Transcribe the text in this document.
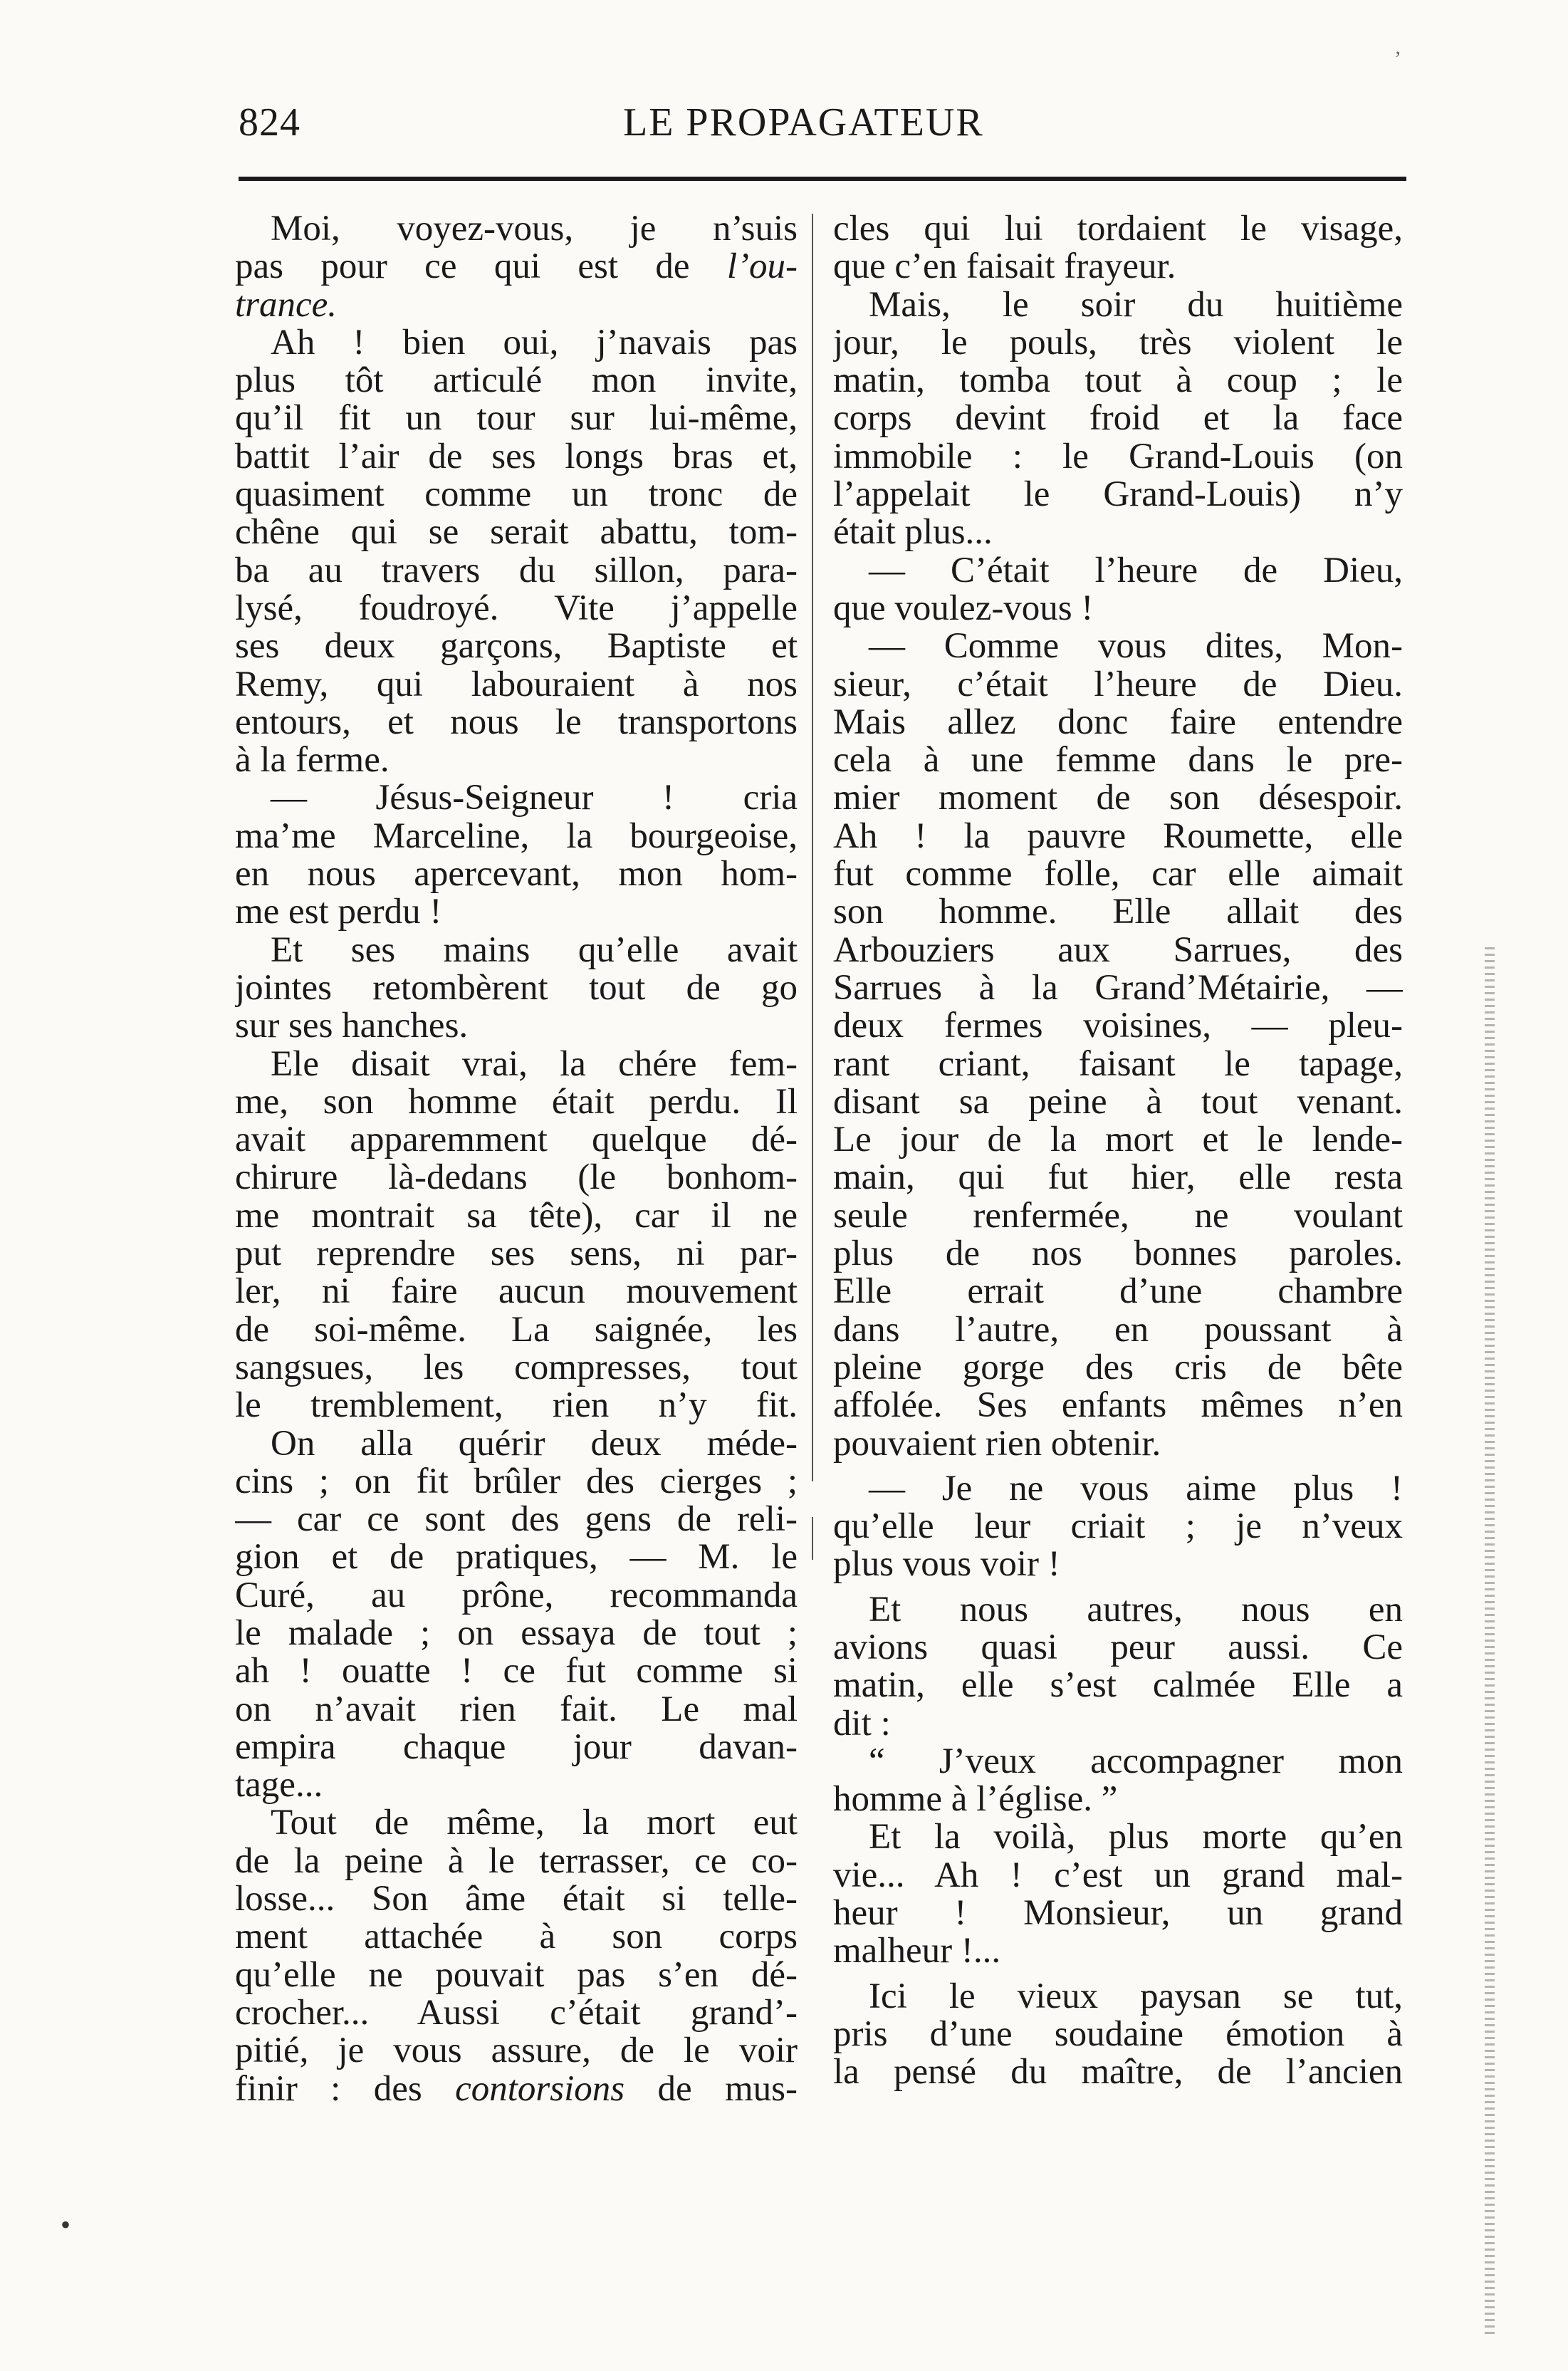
’
824	LE PROPAGATEUR
Moi, voyez-vous, je n’suis
pas pour ce qui est de l’ou-
trance.
Ah ! bien oui, j’navais pas
plus tôt articulé mon invite,
qu’il fit un tour sur lui-même,
battit l’air de ses longs bras et,
quasiment comme un tronc de
chêne qui se serait abattu, tom-
ba au travers du sillon, para-
lysé, foudroyé. Vite j’appelle
ses deux garçons, Baptiste et
Remy, qui labouraient à nos
entours, et nous le transportons
à la ferme.
— Jésus-Seigneur ! cria
ma’me Marceline, la bourgeoise,
en nous apercevant, mon hom-
me est perdu !
Et ses mains qu’elle avait
jointes retombèrent tout de go
sur ses hanches.
Ele disait vrai, la chére fem-
me, son homme était perdu. Il
avait apparemment quelque dé-
chirure là-dedans (le bonhom-
me montrait sa tête), car il ne
put reprendre ses sens, ni par-
ler, ni faire aucun mouvement
de soi-même. La saignée, les
sangsues, les compresses, tout
le tremblement, rien n’y fit.
On alla quérir deux méde-
cins ; on fit brûler des cierges ;
— car ce sont des gens de reli-
gion et de pratiques, — M. le
Curé, au prône, recommanda
le malade ; on essaya de tout ;
ah ! ouatte ! ce fut comme si
on n’avait rien fait. Le mal
empira chaque jour davan-
tage...
Tout de même, la mort eut
de la peine à le terrasser, ce co-
losse... Son âme était si telle-
ment attachée à son corps
qu’elle ne pouvait pas s’en dé-
crocher... Aussi c’était grand’-
pitié, je vous assure, de le voir
finir : des contorsions de mus-
cles qui lui tordaient le visage,
que c’en faisait frayeur.
Mais, le soir du huitième
jour, le pouls, très violent le
matin, tomba tout à coup ; le
corps devint froid et la face
immobile : le Grand-Louis (on
l’appelait le Grand-Louis) n’y
était plus...
— C’était l’heure de Dieu,
que voulez-vous !
— Comme vous dites, Mon-
sieur, c’était l’heure de Dieu.
Mais allez donc faire entendre
cela à une femme dans le pre-
mier moment de son désespoir.
Ah ! la pauvre Roumette, elle
fut comme folle, car elle aimait
son homme. Elle allait des
Arbouziers aux Sarrues, des
Sarrues à la Grand’Métairie, —
deux fermes voisines, — pleu-
rant criant, faisant le tapage,
disant sa peine à tout venant.
Le jour de la mort et le lende-
main, qui fut hier, elle resta
seule renfermée, ne voulant
plus de nos bonnes paroles.
Elle errait d’une chambre
dans l’autre, en poussant à
pleine gorge des cris de bête
affolée. Ses enfants mêmes n’en
pouvaient rien obtenir.
— Je ne vous aime plus !
qu’elle leur criait ; je n’veux
plus vous voir !
Et nous autres, nous en
avions quasi peur aussi. Ce
matin, elle s’est calmée Elle a
dit :
“ J’veux accompagner mon
homme à l’église. ”
Et la voilà, plus morte qu’en
vie... Ah ! c’est un grand mal-
heur ! Monsieur, un grand
malheur !...
Ici le vieux paysan se tut,
pris d’une soudaine émotion à
la pensé du maître, de l’ancien
•
